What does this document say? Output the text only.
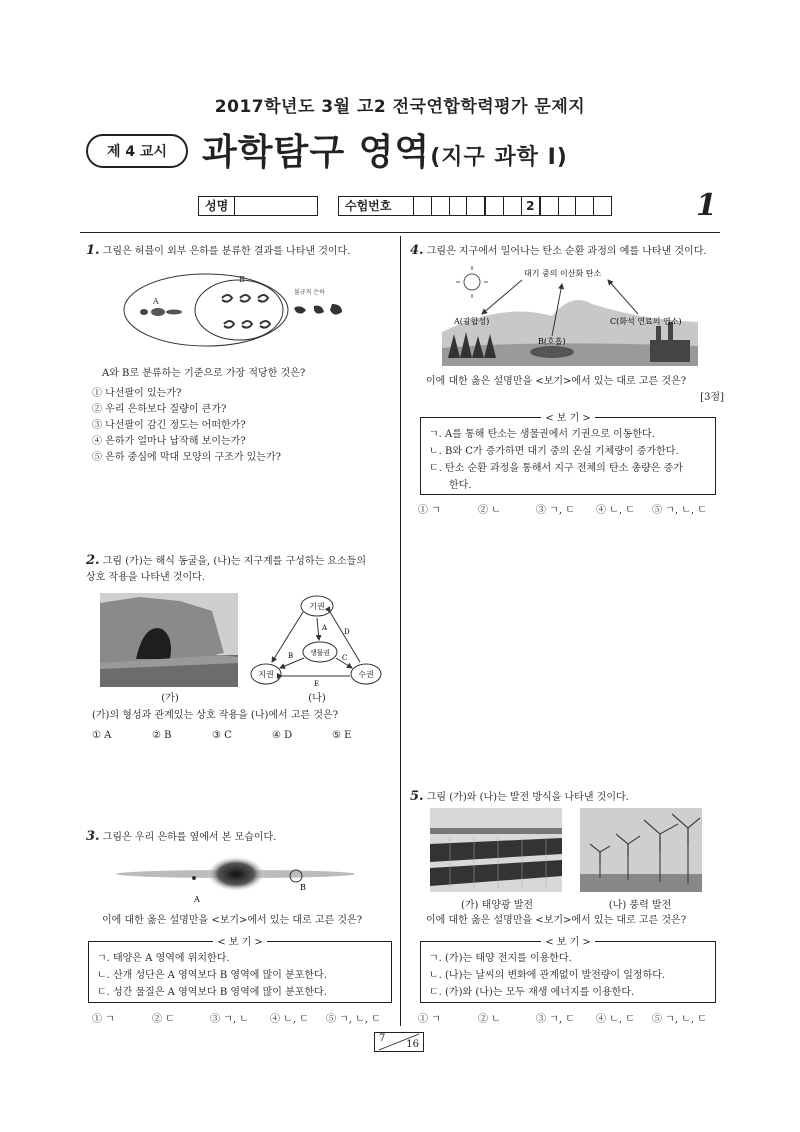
2017학년도 3월 고2 전국연합학력평가 문제지
제 4 교시 과학탐구 영역(지구 과학 Ⅰ)
성명	수험번호	2	1
1. 그림은 허블이 외부 은하를 분류한 결과를 나타낸 것이다.
A
B
불규칙 은하
A와 B로 분류하는 기준으로 가장 적당한 것은?
① 나선팔이 있는가?
② 우리 은하보다 질량이 큰가?
③ 나선팔이 감긴 정도는 어떠한가?
④ 은하가 얼마나 납작해 보이는가?
⑤ 은하 중심에 막대 모양의 구조가 있는가?
2. 그림 (가)는 해식 동굴을, (나)는 지구계를 구성하는 요소들의
상호 작용을 나타낸 것이다.
(가)
기권
생물권
지권	수권
A
B	C
D
E
(나)
(가)의 형성과 관계있는 상호 작용을 (나)에서 고른 것은?
① A	② B	③ C	④ D	⑤ E
3. 그림은 우리 은하를 옆에서 본 모습이다.
A
B
이에 대한 옳은 설명만을 <보기>에서 있는 대로 고른 것은?
< 보 기 >
ㄱ. 태양은 A 영역에 위치한다.
ㄴ. 산개 성단은 A 영역보다 B 영역에 많이 분포한다.
ㄷ. 성간 물질은 A 영역보다 B 영역에 많이 분포한다.
① ㄱ	② ㄷ	③ ㄱ, ㄴ	④ ㄴ, ㄷ	⑤ ㄱ, ㄴ, ㄷ
4. 그림은 지구에서 일어나는 탄소 순환 과정의 예를 나타낸 것이다.
대기 중의 이산화 탄소
A(광합성)
B(호흡)
C(화석 연료의 연소)
이에 대한 옳은 설명만을 <보기>에서 있는 대로 고른 것은?
[3점]
< 보 기 >
ㄱ. A를 통해 탄소는 생물권에서 기권으로 이동한다.
ㄴ. B와 C가 증가하면 대기 중의 온실 기체량이 증가한다.
ㄷ. 탄소 순환 과정을 통해서 지구 전체의 탄소 총량은 증가
한다.
① ㄱ	② ㄴ	③ ㄱ, ㄷ	④ ㄴ, ㄷ	⑤ ㄱ, ㄴ, ㄷ
5. 그림 (가)와 (나)는 발전 방식을 나타낸 것이다.
(가) 태양광 발전	(나) 풍력 발전
이에 대한 옳은 설명만을 <보기>에서 있는 대로 고른 것은?
< 보 기 >
ㄱ. (가)는 태양 전지를 이용한다.
ㄴ. (나)는 날씨의 변화에 관계없이 발전량이 일정하다.
ㄷ. (가)와 (나)는 모두 재생 에너지를 이용한다.
① ㄱ	② ㄴ	③ ㄱ, ㄷ	④ ㄴ, ㄷ	⑤ ㄱ, ㄴ, ㄷ
7
16
